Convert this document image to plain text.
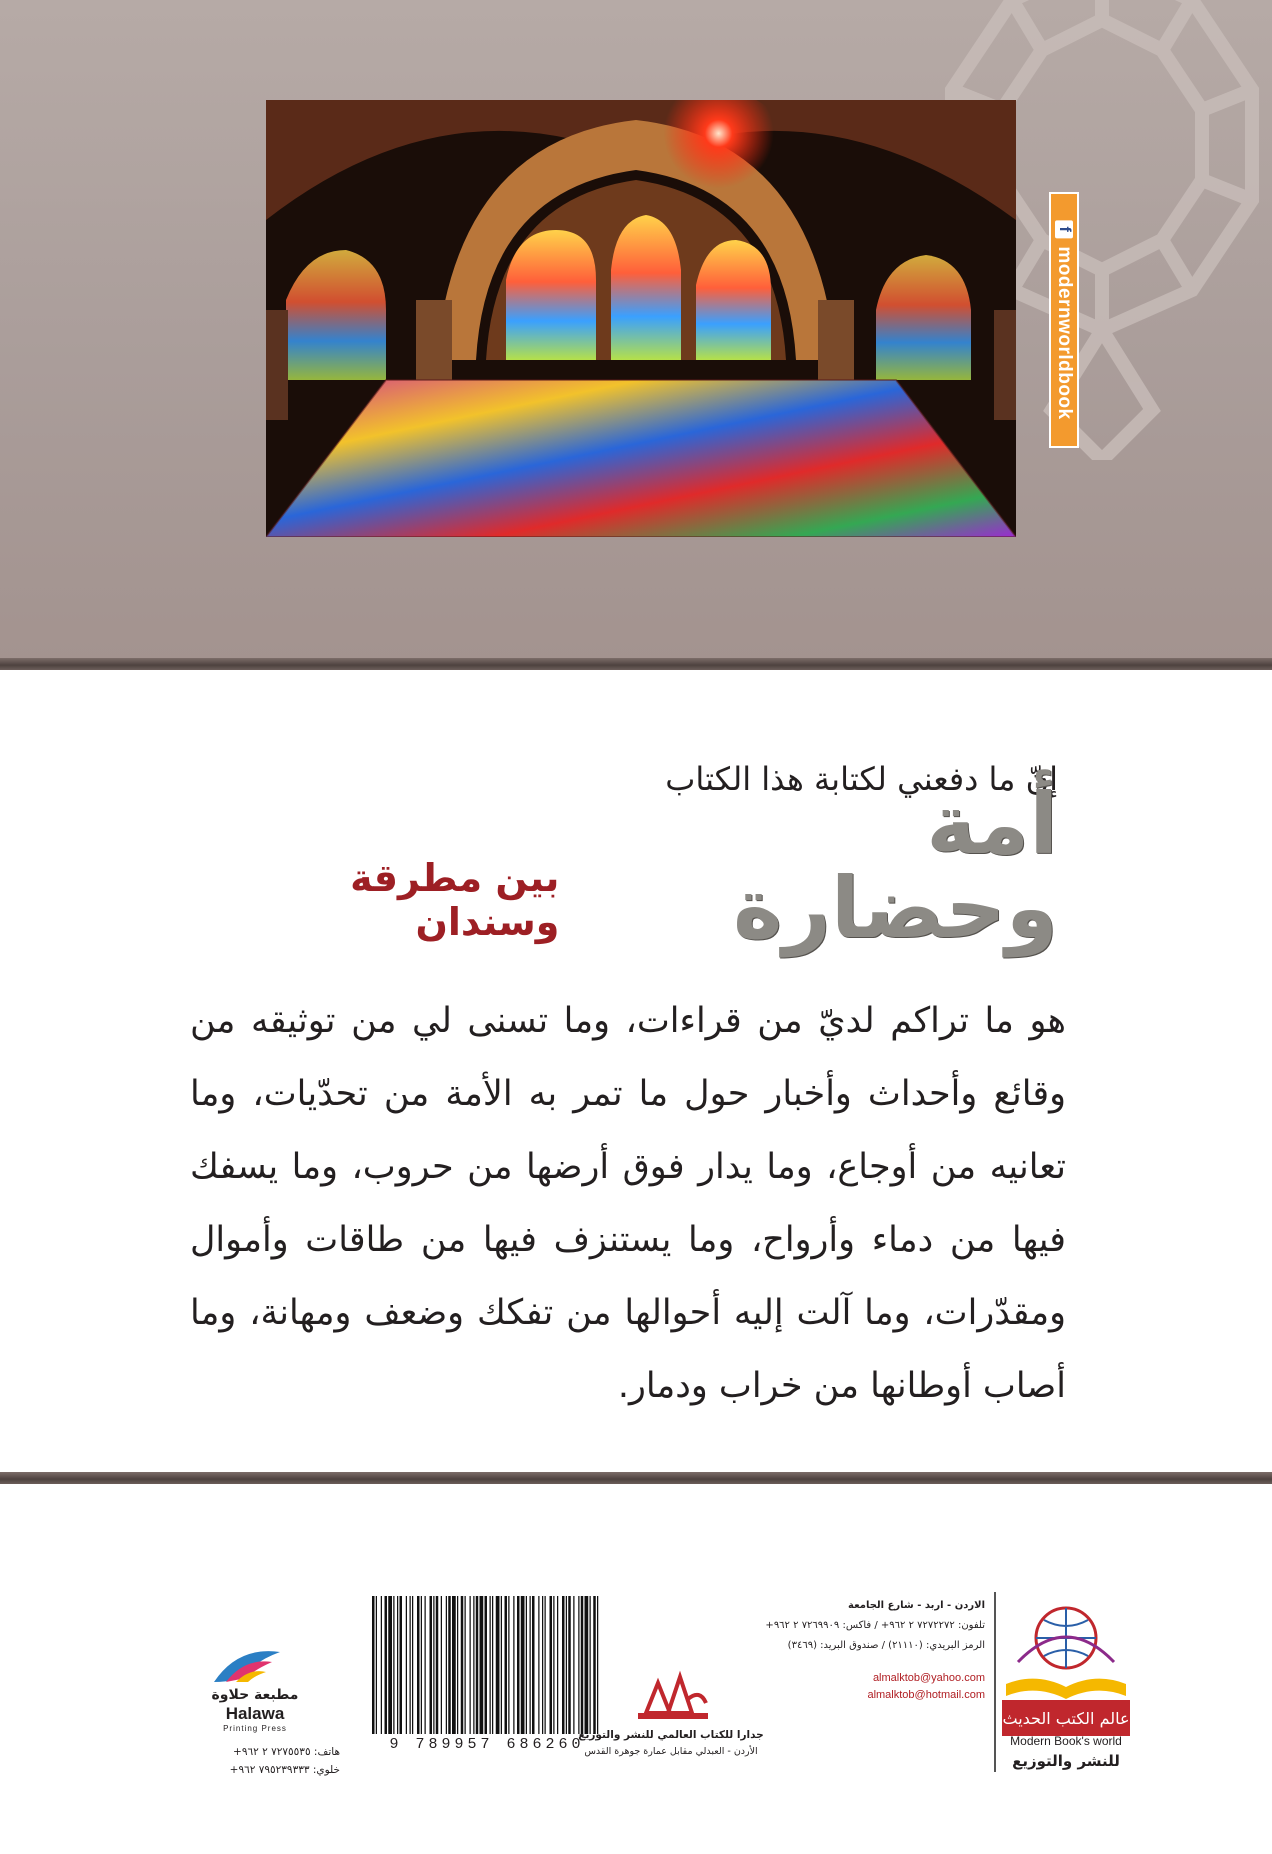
f
modernworldbook
إنّ ما دفعني لكتابة هذا الكتاب
أمة وحضارة
بين مطرقة وسندان
هو ما تراكم لديّ من قراءات، وما تسنى لي من توثيقه من وقائع وأحداث وأخبار حول ما تمر به الأمة من تحدّيات، وما تعانيه من أوجاع، وما يدار فوق أرضها من حروب، وما يسفك فيها من دماء وأرواح، وما يستنزف فيها من طاقات وأموال ومقدّرات، وما آلت إليه أحوالها من تفكك وضعف ومهانة، وما أصاب أوطانها من خراب ودمار.
عالم الكتب الحديث
Modern Book's world
للنشر والتوزيع
الاردن - اربد - شارع الجامعة
تلفون: ٧٢٧٢٢٧٢ ٢ ٩٦٢+ / فاكس: ٧٢٦٩٩٠٩ ٢ ٩٦٢+
الرمز البريدي: (٢١١١٠) / صندوق البريد: (٣٤٦٩)
almalktob@yahoo.com
almalktob@hotmail.com
9 789957 686260
جدارا للكتاب العالمي للنشر والتوزيع
الأردن - العبدلي مقابل عمارة جوهرة القدس
مطبعة حلاوة
Halawa
Printing Press
هاتف: ٧٢٧٥٥٣٥ ٢ ٩٦٢+
خلوي: ٧٩٥٢٣٩٣٣٣ ٩٦٢+
